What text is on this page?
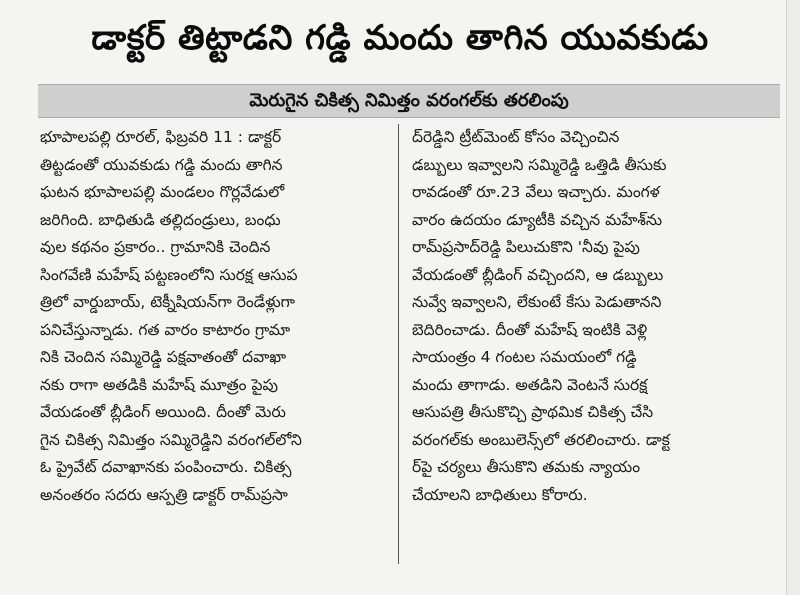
డాక్టర్ తిట్టాడని గడ్డి మందు తాగిన యువకుడు
మెరుగైన చికిత్స నిమిత్తం వరంగల్‌కు తరలింపు

భూపాలపల్లి రూరల్, ఫిబ్రవరి 11 : డాక్టర్

తిట్టడంతో యువకుడు గడ్డి మందు తాగిన

ఘటన భూపాలపల్లి మండలం గొర్లవేడులో

జరిగింది. బాధితుడి తల్లిదండ్రులు, బంధు

వుల కథనం ప్రకారం.. గ్రామానికి చెందిన

సింగవేణి మహేష్ పట్టణంలోని సురక్ష ఆసుప

త్రిలో వార్డుబాయ్, టెక్నీషియన్‌గా రెండేళ్లుగా

పనిచేస్తున్నాడు. గత వారం కాటారం గ్రామా

నికి చెందిన సమ్మిరెడ్డి పక్షవాతంతో దవాఖా

నకు రాగా అతడికి మహేష్ మూత్రం పైపు

వేయడంతో బ్లీడింగ్ అయింది. దీంతో మెరు

గైన చికిత్స నిమిత్తం సమ్మిరెడ్డిని వరంగల్‌లోని

ఓ ప్రైవేట్ దవాఖానకు పంపించారు. చికిత్స

అనంతరం సదరు ఆస్పత్రి డాక్టర్ రామ్‌ప్రసా

ద్‌రెడ్డిని ట్రీట్‌మెంట్ కోసం వెచ్చించిన

డబ్బులు ఇవ్వాలని సమ్మిరెడ్డి ఒత్తిడి తీసుకు

రావడంతో రూ.23 వేలు ఇచ్చారు. మంగళ

వారం ఉదయం డ్యూటీకి వచ్చిన మహేశ్‌ను

రామ్‌ప్రసాద్‌రెడ్డి పిలుచుకొని 'నీవు పైపు

వేయడంతో బ్లీడింగ్ వచ్చిందని, ఆ డబ్బులు

నువ్వే ఇవ్వాలని, లేకుంటే కేసు పెడుతానని

బెదిరించాడు. దీంతో మహేష్ ఇంటికి వెళ్లి

సాయంత్రం 4 గంటల సమయంలో గడ్డి

మందు తాగాడు. అతడిని వెంటనే సురక్ష

ఆసుపత్రి తీసుకొచ్చి ప్రాథమిక చికిత్స చేసి

వరంగల్‌కు అంబులెన్స్‌లో తరలించారు. డాక్ట

ర్‌పై చర్యలు తీసుకొని తమకు న్యాయం

చేయాలని బాధితులు కోరారు.
